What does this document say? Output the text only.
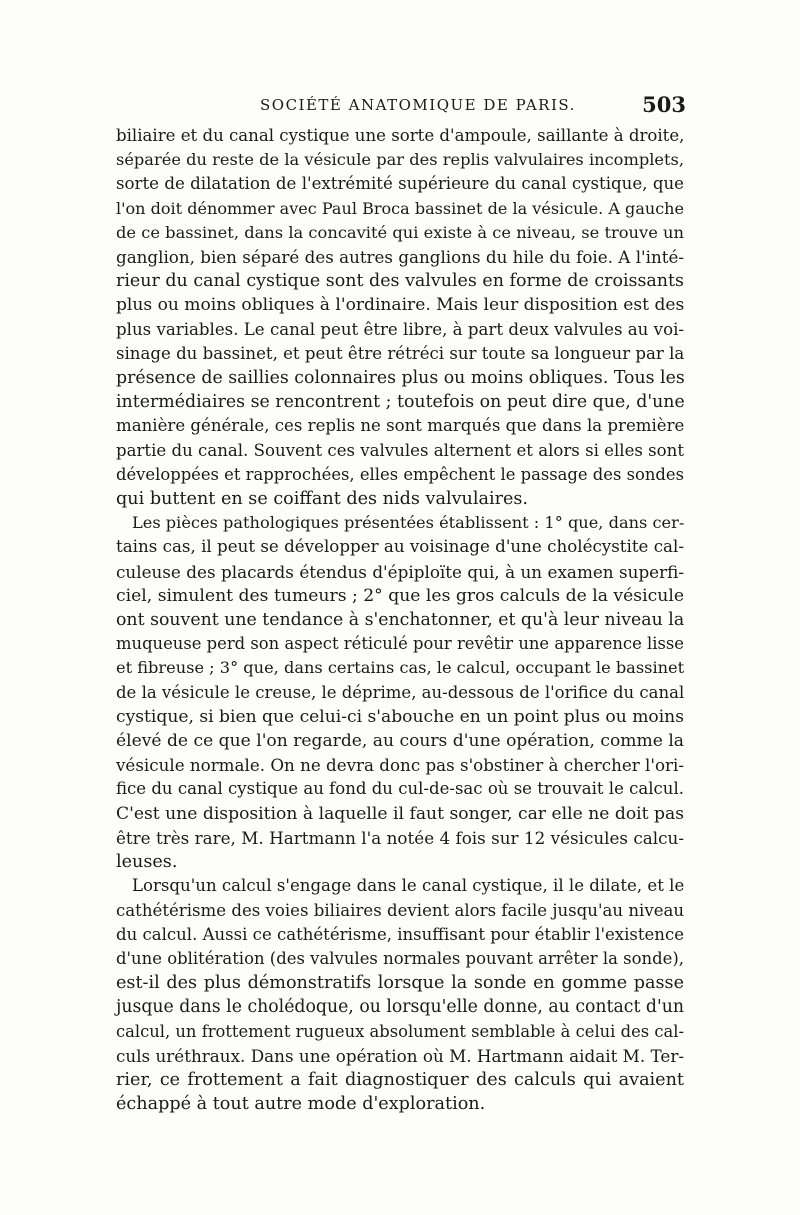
SOCIÉTÉ ANATOMIQUE DE PARIS.	503
biliaire et du canal cystique une sorte d'ampoule, saillante à droite,
séparée du reste de la vésicule par des replis valvulaires incomplets,
sorte de dilatation de l'extrémité supérieure du canal cystique, que
l'on doit dénommer avec Paul Broca bassinet de la vésicule. A gauche
de ce bassinet, dans la concavité qui existe à ce niveau, se trouve un
ganglion, bien séparé des autres ganglions du hile du foie. A l'inté-
rieur du canal cystique sont des valvules en forme de croissants
plus ou moins obliques à l'ordinaire. Mais leur disposition est des
plus variables. Le canal peut être libre, à part deux valvules au voi-
sinage du bassinet, et peut être rétréci sur toute sa longueur par la
présence de saillies colonnaires plus ou moins obliques. Tous les
intermédiaires se rencontrent ; toutefois on peut dire que, d'une
manière générale, ces replis ne sont marqués que dans la première
partie du canal. Souvent ces valvules alternent et alors si elles sont
développées et rapprochées, elles empêchent le passage des sondes
qui buttent en se coiffant des nids valvulaires.
Les pièces pathologiques présentées établissent : 1° que, dans cer-
tains cas, il peut se développer au voisinage d'une cholécystite cal-
culeuse des placards étendus d'épiploïte qui, à un examen superfi-
ciel, simulent des tumeurs ; 2° que les gros calculs de la vésicule
ont souvent une tendance à s'enchatonner, et qu'à leur niveau la
muqueuse perd son aspect réticulé pour revêtir une apparence lisse
et fibreuse ; 3° que, dans certains cas, le calcul, occupant le bassinet
de la vésicule le creuse, le déprime, au-dessous de l'orifice du canal
cystique, si bien que celui-ci s'abouche en un point plus ou moins
élevé de ce que l'on regarde, au cours d'une opération, comme la
vésicule normale. On ne devra donc pas s'obstiner à chercher l'ori-
fice du canal cystique au fond du cul-de-sac où se trouvait le calcul.
C'est une disposition à laquelle il faut songer, car elle ne doit pas
être très rare, M. Hartmann l'a notée 4 fois sur 12 vésicules calcu-
leuses.
Lorsqu'un calcul s'engage dans le canal cystique, il le dilate, et le
cathétérisme des voies biliaires devient alors facile jusqu'au niveau
du calcul. Aussi ce cathétérisme, insuffisant pour établir l'existence
d'une oblitération (des valvules normales pouvant arrêter la sonde),
est-il des plus démonstratifs lorsque la sonde en gomme passe
jusque dans le cholédoque, ou lorsqu'elle donne, au contact d'un
calcul, un frottement rugueux absolument semblable à celui des cal-
culs uréthraux. Dans une opération où M. Hartmann aidait M. Ter-
rier, ce frottement a fait diagnostiquer des calculs qui avaient
échappé à tout autre mode d'exploration.
